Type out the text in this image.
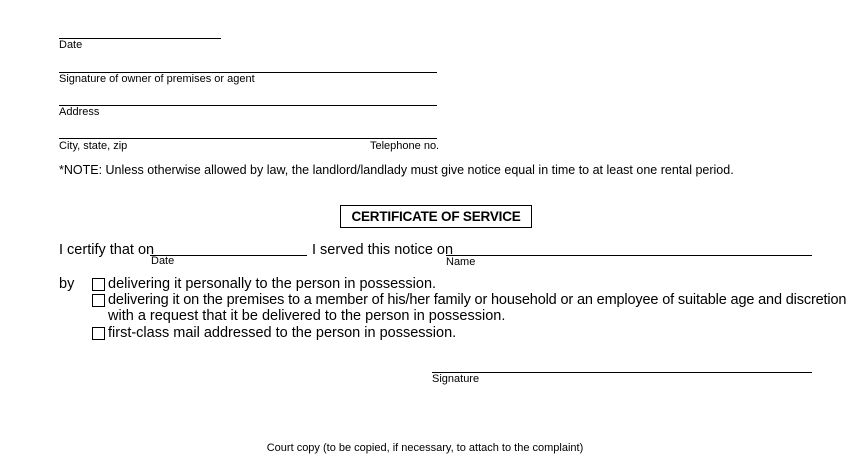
Date
Signature of owner of premises or agent
Address
City, state, zip	Telephone no.
*NOTE: Unless otherwise allowed by law, the landlord/landlady must give notice equal in time to at least one rental period.
CERTIFICATE OF SERVICE
I certify that on
Date
I served this notice on
Name
by delivering it personally to the person in possession.
delivering it on the premises to a member of his/her family or household or an employee of suitable age and discretion
with a request that it be delivered to the person in possession.
first-class mail addressed to the person in possession.
Signature
Court copy (to be copied, if necessary, to attach to the complaint)
